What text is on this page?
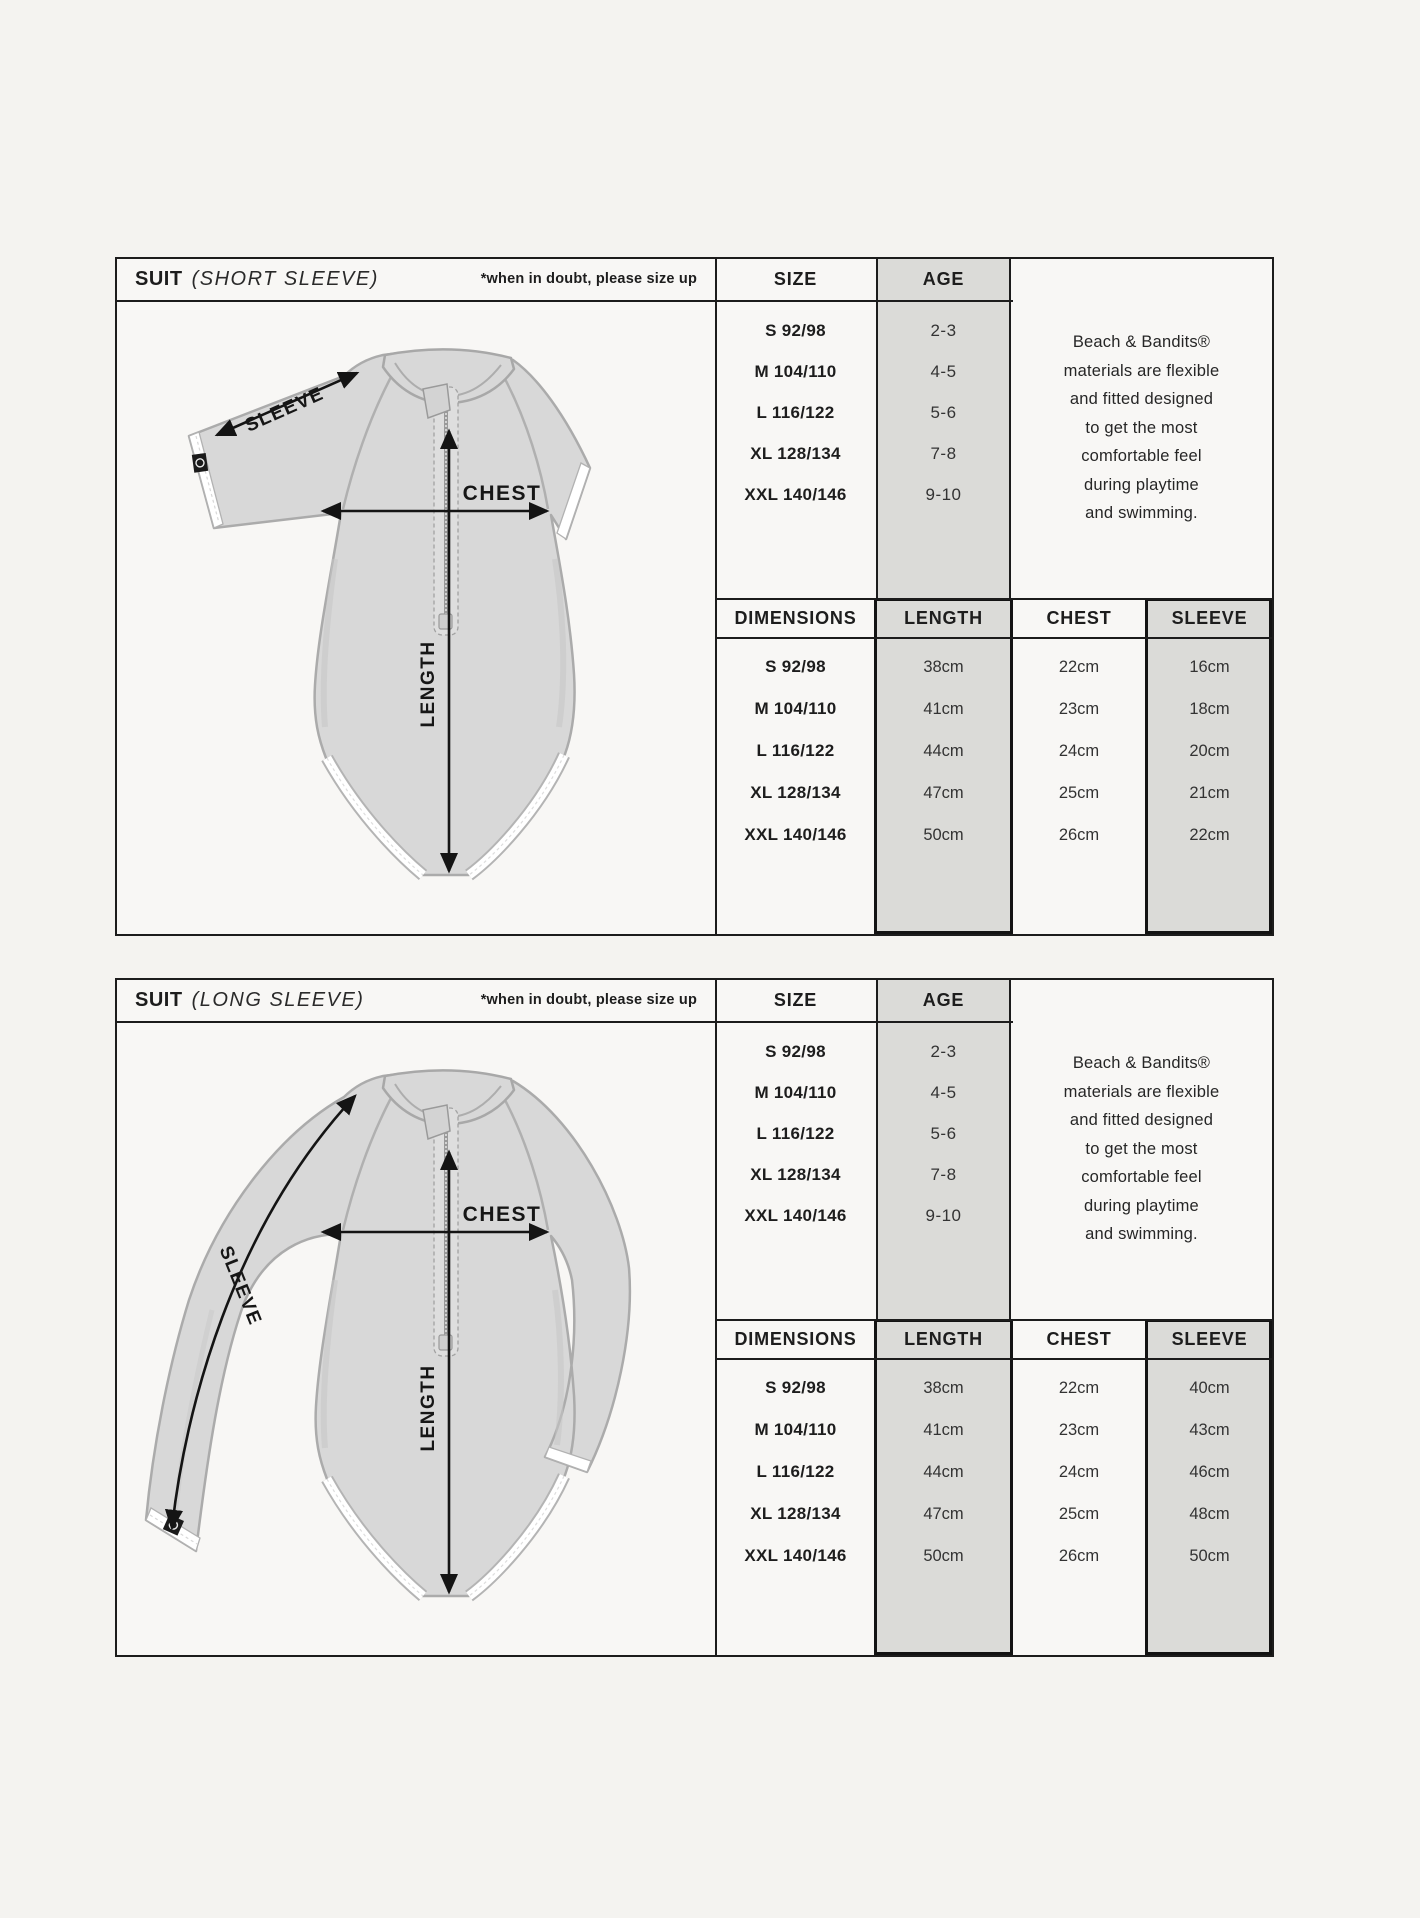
SUIT (SHORT SLEEVE)	*when in doubt, please size up	SIZE	AGE
S 92/98	2-3
M 104/110	4-5
L 116/122	5-6
XL 128/134	7-8
XXL 140/146	9-10
Beach & Bandits®
materials are flexible
and fitted designed
to get the most
comfortable feel
during playtime
and swimming.
DIMENSIONS	LENGTH	CHEST	SLEEVE
S 92/98	38cm	22cm	16cm
M 104/110	41cm	23cm	18cm
L 116/122	44cm	24cm	20cm
XL 128/134	47cm	25cm	21cm
XXL 140/146	50cm	26cm	22cm
SLEEVE
CHEST
LENGTH
SUIT (LONG SLEEVE)	*when in doubt, please size up	SIZE	AGE
S 92/98	2-3
M 104/110	4-5
L 116/122	5-6
XL 128/134	7-8
XXL 140/146	9-10
Beach & Bandits®
materials are flexible
and fitted designed
to get the most
comfortable feel
during playtime
and swimming.
DIMENSIONS	LENGTH	CHEST	SLEEVE
S 92/98	38cm	22cm	40cm
M 104/110	41cm	23cm	43cm
L 116/122	44cm	24cm	46cm
XL 128/134	47cm	25cm	48cm
XXL 140/146	50cm	26cm	50cm
SLEEVE
CHEST
LENGTH
